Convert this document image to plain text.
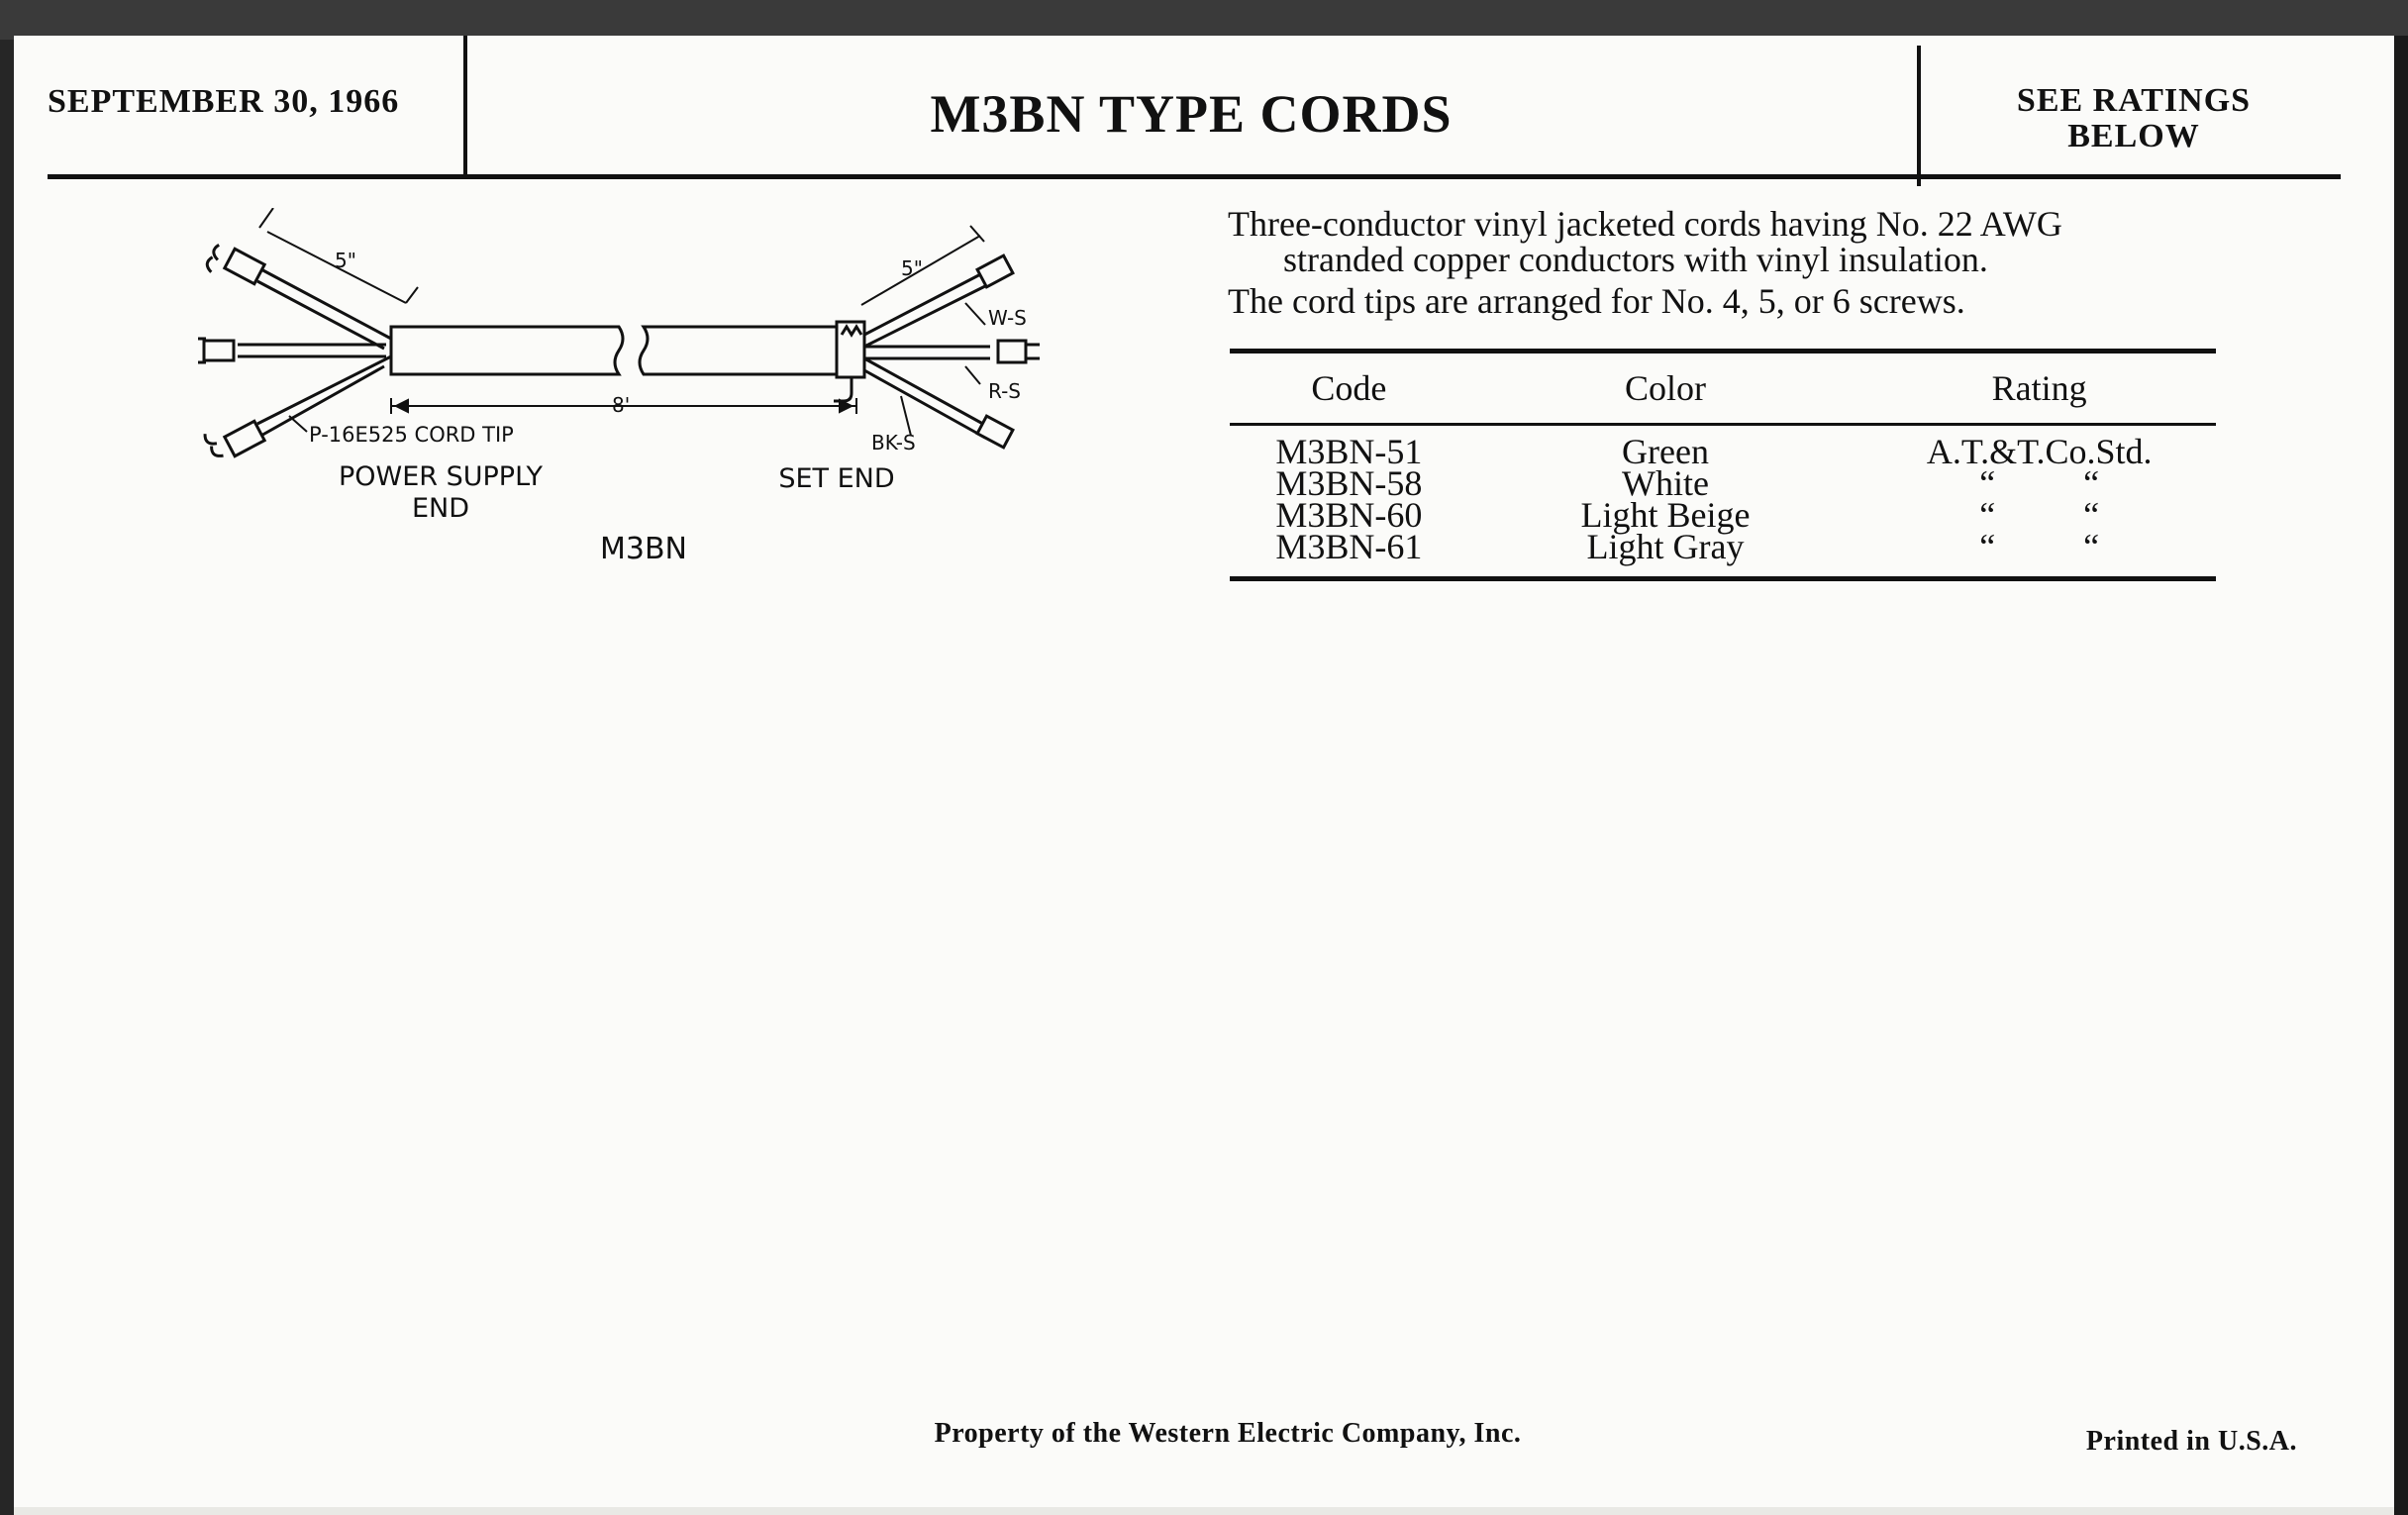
SEPTEMBER 30, 1966	M3BN TYPE CORDS	SEE RATINGS
BELOW
Three-conductor vinyl jacketed cords having No. 22 AWG
stranded copper conductors with vinyl insulation.
The cord tips are arranged for No. 4, 5, or 6 screws.
Code	Color	Rating
M3BN-51	Green	A.T.&T.Co.Std.
M3BN-58	White	“ “
M3BN-60	Light Beige	“ “
M3BN-61	Light Gray	“ “
5"
8'
5"
W-S
R-S
BK-S
P-16E525 CORD TIP
POWER SUPPLY
END
SET END
M3BN
Property of the Western Electric Company, Inc.	Printed in U.S.A.
